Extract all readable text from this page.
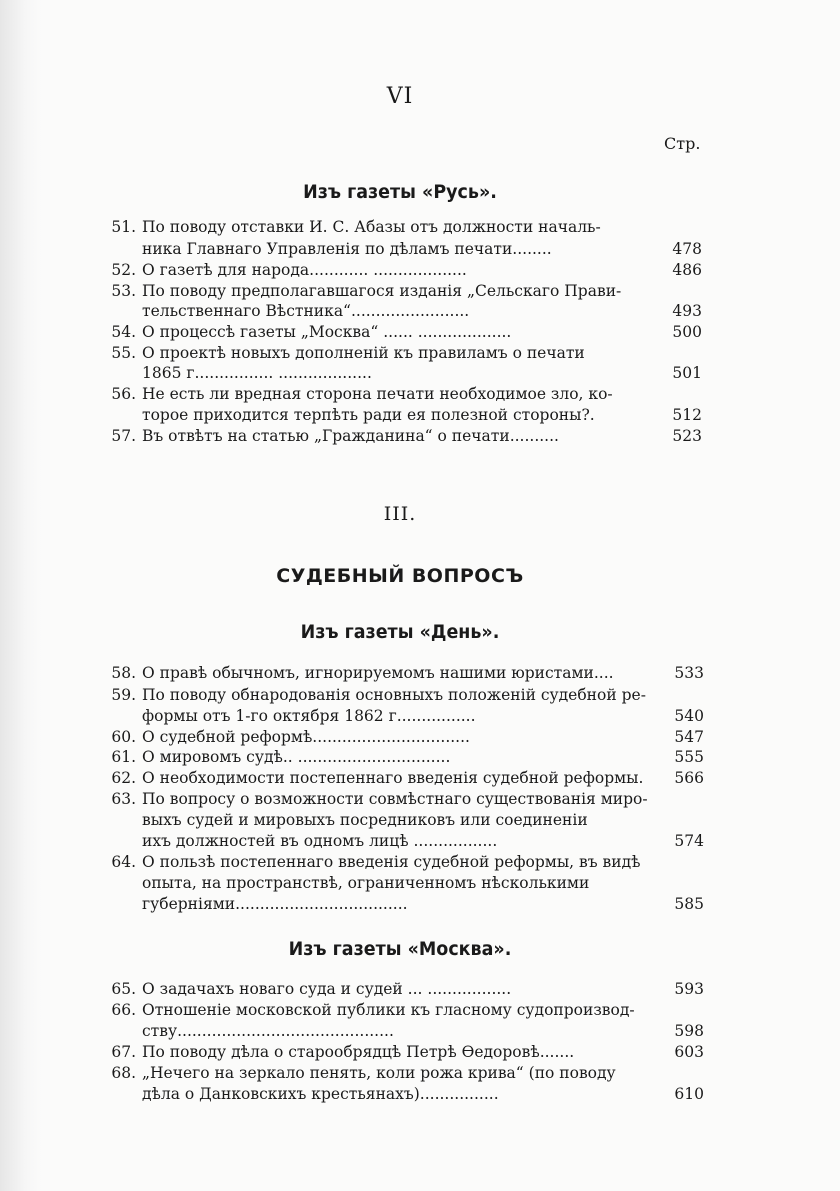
VI
Стр.
Изъ газеты «Русь».
51. По поводу отставки И. С. Абазы отъ должности началь-
ника Главнаго Управленія по дѣламъ печати........	478
52. О газетѣ для народа............ ...................	486
53. По поводу предполагавшагося изданія „Сельскаго Прави-
тельственнаго Вѣстника“........................	493
54. О процессѣ газеты „Москва“ ...... ...................	500
55. О проектѣ новыхъ дополненій къ правиламъ о печати
1865 г................ ...................	501
56. Не есть ли вредная сторона печати необходимое зло, ко-
торое приходится терпѣть ради ея полезной стороны?.	512
57. Въ отвѣтъ на статью „Гражданина“ о печати..........	523
III.
СУДЕБНЫЙ ВОПРОСЪ
Изъ газеты «День».
58. О правѣ обычномъ, игнорируемомъ нашими юристами....	533
59. По поводу обнародованія основныхъ положеній судебной ре-
формы отъ 1-го октября 1862 г................	540
60. О судебной реформѣ................................	547
61. О мировомъ судѣ.. ...............................	555
62. О необходимости постепеннаго введенія судебной реформы.	566
63. По вопросу о возможности совмѣстнаго существованія миро-
выхъ судей и мировыхъ посредниковъ или соединеніи
ихъ должностей въ одномъ лицѣ .................	574
64. О пользѣ постепеннаго введенія судебной реформы, въ видѣ
опыта, на пространствѣ, ограниченномъ нѣсколькими
губерніями...................................	585
Изъ газеты «Москва».
65. О задачахъ новаго суда и судей ... .................	593
66. Отношеніе московской публики къ гласному судопроизвод-
ству............................................	598
67. По поводу дѣла о старообрядцѣ Петрѣ Ѳедоровѣ.......	603
68. „Нечего на зеркало пенять, коли рожа крива“ (по поводу
дѣла о Данковскихъ крестьянахъ)................	610
